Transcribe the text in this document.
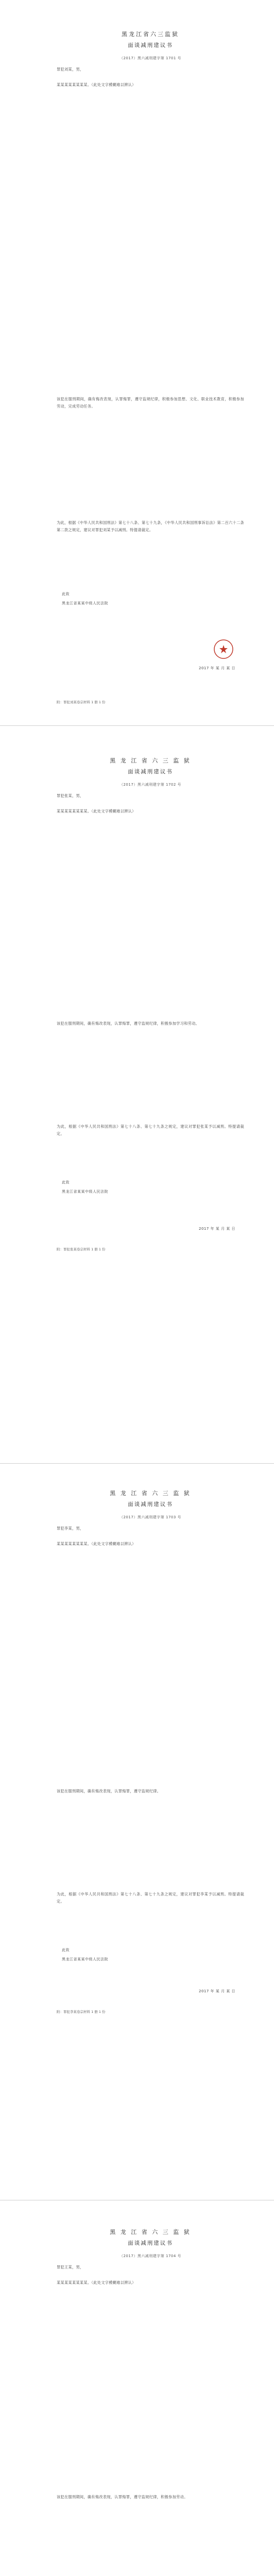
黑龙江省六三监狱
面谈减刑建议书
（2017）黑六减刑建字第 1701 号
罪犯刘某，男，
某某某某某某某某。（此处文字模糊难以辨认）
该犯在服刑期间，确有悔改表现，认罪悔罪，遵守监规纪律，积极参加思想、文化、职业技术教育，积极参加劳动，完成劳动任务。
为此，根据《中华人民共和国刑法》第七十八条、第七十九条，《中华人民共和国刑事诉讼法》第二百六十二条第二款之规定，建议对罪犯刘某予以减刑。特提请裁定。
此致
黑龙江省某某中级人民法院
2017 年 某 月 某 日
附：罪犯刘某卷宗材料 1 册 1 份
黑 龙 江 省 六 三 监 狱
面谈减刑建议书
（2017）黑六减刑建字第 1702 号
罪犯张某，男，
某某某某某某某某。（此处文字模糊难以辨认）
该犯在服刑期间，确有悔改表现，认罪悔罪，遵守监规纪律，积极参加学习和劳动。
为此，根据《中华人民共和国刑法》第七十八条、第七十九条之规定，建议对罪犯张某予以减刑。特提请裁定。
此致
黑龙江省某某中级人民法院
2017 年 某 月 某 日
附：罪犯张某卷宗材料 1 册 1 份
黑 龙 江 省 六 三 监 狱
面谈减刑建议书
（2017）黑六减刑建字第 1703 号
罪犯李某，男，
某某某某某某某某。（此处文字模糊难以辨认）
该犯在服刑期间，确有悔改表现，认罪悔罪，遵守监规纪律。
为此，根据《中华人民共和国刑法》第七十八条、第七十九条之规定，建议对罪犯李某予以减刑。特提请裁定。
此致
黑龙江省某某中级人民法院
2017 年 某 月 某 日
附：罪犯李某卷宗材料 1 册 1 份
黑 龙 江 省 六 三 监 狱
面谈减刑建议书
（2017）黑六减刑建字第 1704 号
罪犯王某，男，
某某某某某某某某。（此处文字模糊难以辨认）
该犯在服刑期间，确有悔改表现，认罪悔罪，遵守监规纪律，积极参加劳动。
